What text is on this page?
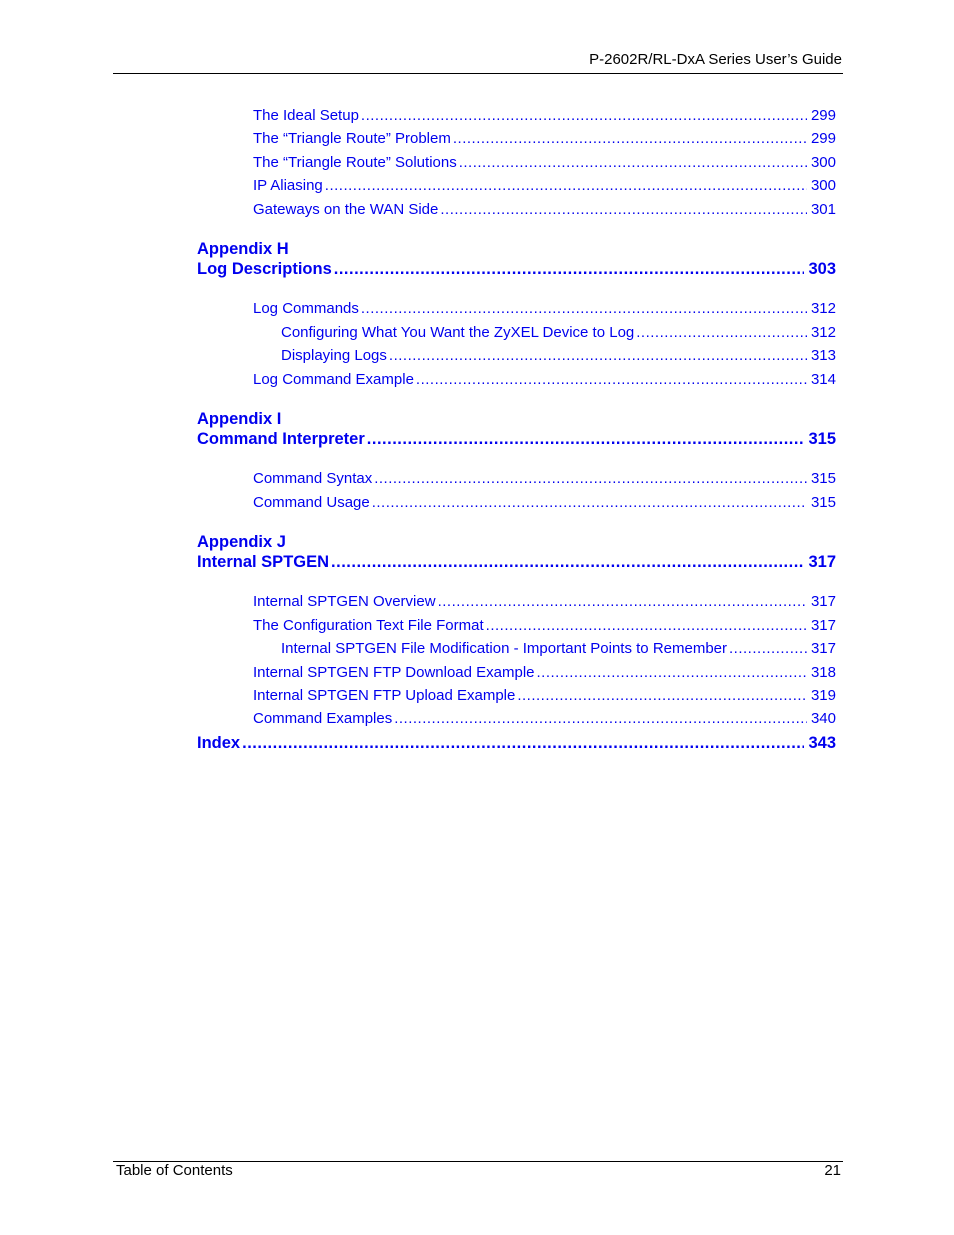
P-2602R/RL-DxA Series User’s Guide
The Ideal Setup .....	299
The “Triangle Route” Problem .....	299
The “Triangle Route” Solutions .....	300
IP Aliasing .....	300
Gateways on the WAN Side .....	301
Appendix H
Log Descriptions .....	303
Log Commands .....	312
Configuring What You Want the ZyXEL Device to Log .....	312
Displaying Logs .....	313
Log Command Example .....	314
Appendix I
Command Interpreter .....	315
Command Syntax .....	315
Command Usage .....	315
Appendix J
Internal SPTGEN .....	317
Internal SPTGEN Overview .....	317
The Configuration Text File Format .....	317
Internal SPTGEN File Modification - Important Points to Remember .....	317
Internal SPTGEN FTP Download Example .....	318
Internal SPTGEN FTP Upload Example .....	319
Command Examples .....	340
Index .....	343
Table of Contents	21
